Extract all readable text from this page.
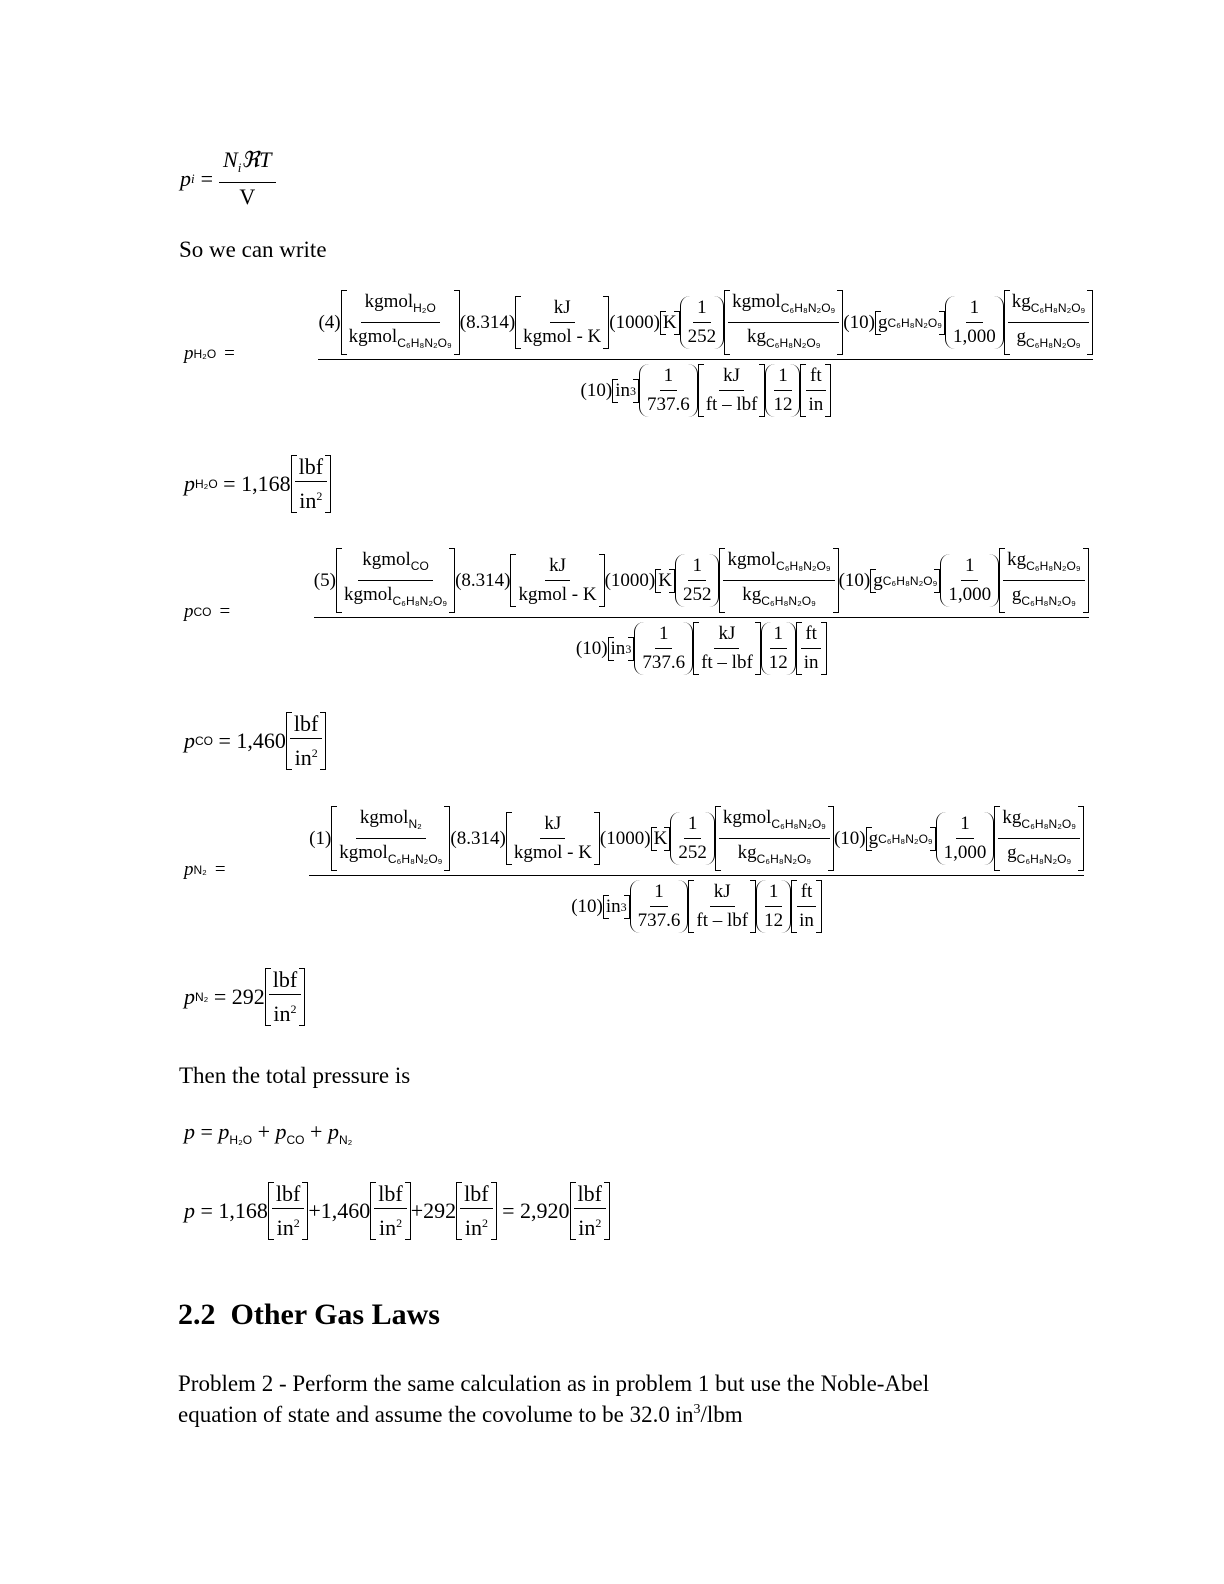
p $i = \frac{N_iℜT}{V}$
So we can write
p H₂O =
$(4) \frac{kgmol_{H_2O}}{kgmol_{C_6H_8N_2O_9}} (8.314) \frac{kJ}{\text{kgmol - K}} (1000)$ K $\frac{1}{252} \frac{kgmol_{C_6H_8N_2O_9}}{kg_{C_6H_8N_2O_9}} (10)$ g $C_6H_8N_2O_9 \frac{1}{1,000} \frac{kg_{C_6H_8N_2O_9}}{g_{C_6H_8N_2O_9}}$
(10) in $3 \frac{1}{737.6} \frac{kJ}{\text{ft – lbf}} \frac{1}{12} \frac{ft}{in}$
p H₂O
=
$1,168 \frac{\text{lbf}}{in^2}$
p CO =
$(5) \frac{kgmol_{CO}}{kgmol_{C_6H_8N_2O_9}} (8.314) \frac{kJ}{\text{kgmol - K}} (1000)$ K $\frac{1}{252} \frac{kgmol_{C_6H_8N_2O_9}}{kg_{C_6H_8N_2O_9}} (10)$ g $C_6H_8N_2O_9 \frac{1}{1,000} \frac{kg_{C_6H_8N_2O_9}}{g_{C_6H_8N_2O_9}}$
(10) in $3 \frac{1}{737.6} \frac{kJ}{\text{ft – lbf}} \frac{1}{12} \frac{ft}{in}$
p CO
=
$1,460 \frac{\text{lbf}}{in^2}$
p N₂ =
$(1) \frac{kgmol_{N_2}}{kgmol_{C_6H_8N_2O_9}} (8.314) \frac{kJ}{\text{kgmol - K}} (1000)$ K $\frac{1}{252} \frac{kgmol_{C_6H_8N_2O_9}}{kg_{C_6H_8N_2O_9}} (10)$ g $C_6H_8N_2O_9 \frac{1}{1,000} \frac{kg_{C_6H_8N_2O_9}}{g_{C_6H_8N_2O_9}}$
(10) in $3 \frac{1}{737.6} \frac{kJ}{\text{ft – lbf}} \frac{1}{12} \frac{ft}{in}$
p N₂
=
$292 \frac{\text{lbf}}{in^2}$
Then the total pressure is
$p = p_{H_2O} + p_{CO} + p_{N_2}$
p
=
$1,168 \frac{\text{lbf}}{in^2} + 1,460 \frac{\text{lbf}}{in^2} + 292 \frac{\text{lbf}}{in^2}$
=
$2,920 \frac{\text{lbf}}{in^2}$
2.2 Other Gas Laws
Problem 2 - Perform the same calculation as in problem 1 but use the Noble-Abel
equation of state and assume the covolume to be 32.0 $in^3$/lbm
